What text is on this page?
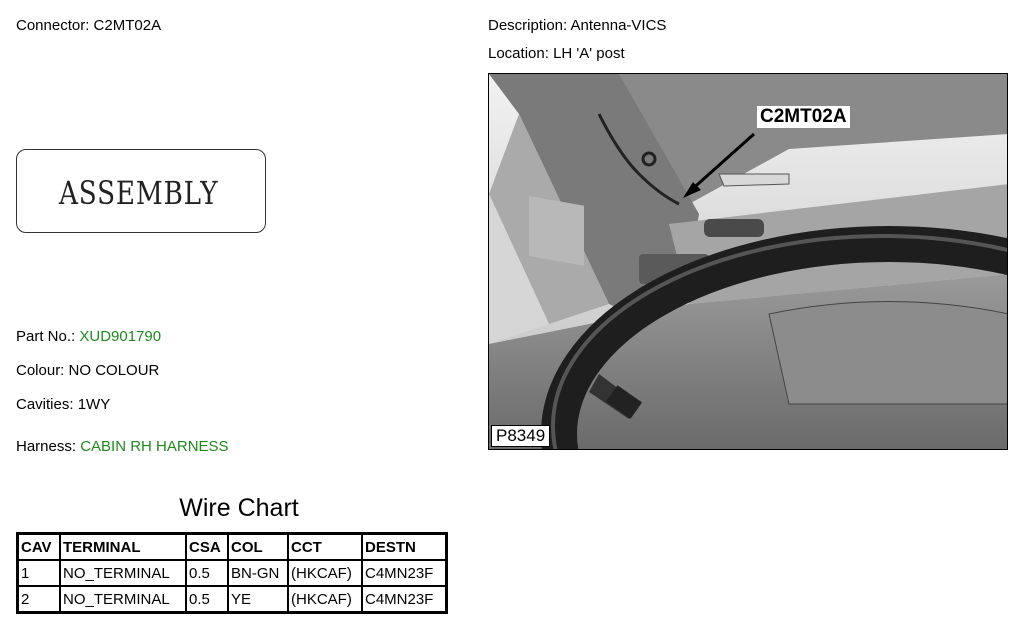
Connector: C2MT02A
ASSEMBLY
Part No.: XUD901790
Colour: NO COLOUR
Cavities: 1WY
Harness: CABIN RH HARNESS
Wire Chart
CAV	TERMINAL	CSA	COL	CCT	DESTN
1	NO_TERMINAL	0.5	BN-GN	(HKCAF)	C4MN23F
2	NO_TERMINAL	0.5	YE	(HKCAF)	C4MN23F
Description: Antenna-VICS
Location: LH 'A' post
C2MT02A
P8349
